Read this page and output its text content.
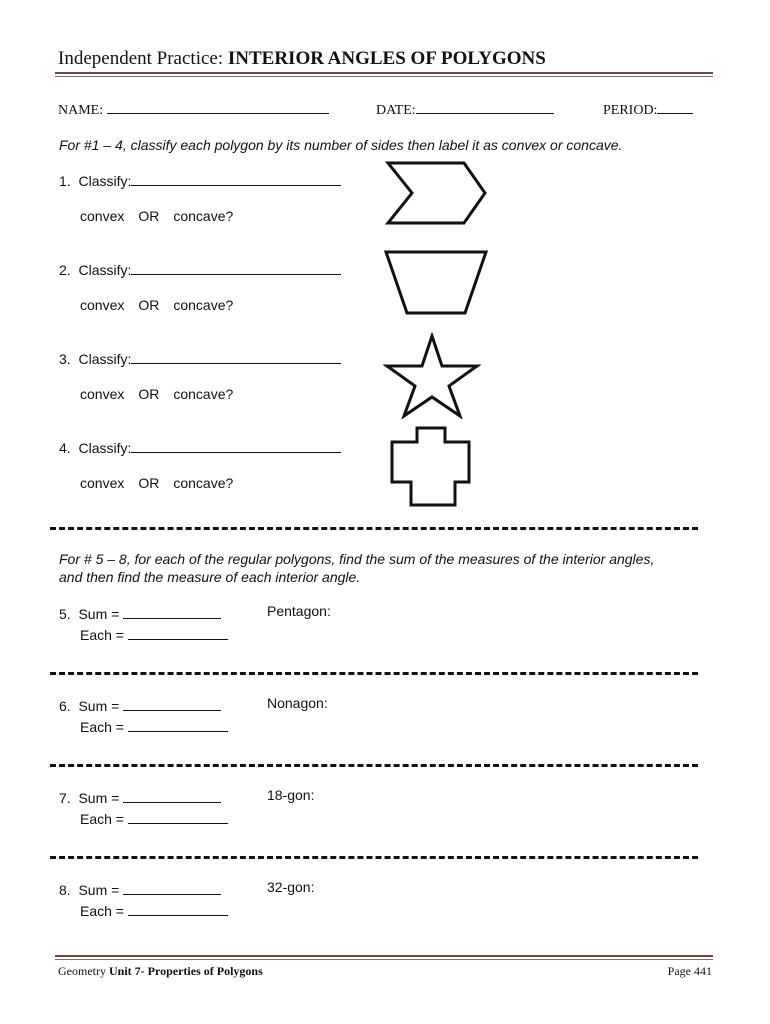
Independent Practice: INTERIOR ANGLES OF POLYGONS
NAME:	DATE:	PERIOD:
For #1 – 4, classify each polygon by its number of sides then label it as convex or concave.
1. Classify:
convex OR concave?
2. Classify:
convex OR concave?
3. Classify:
convex OR concave?
4. Classify:
convex OR concave?
For # 5 – 8, for each of the regular polygons, find the sum of the measures of the interior angles,
and then find the measure of each interior angle.
5. Sum =
Each =
Pentagon:
6. Sum =
Each =
Nonagon:
7. Sum =
Each =
18-gon:
8. Sum =
Each =
32-gon:
Geometry Unit 7- Properties of Polygons	Page 441
